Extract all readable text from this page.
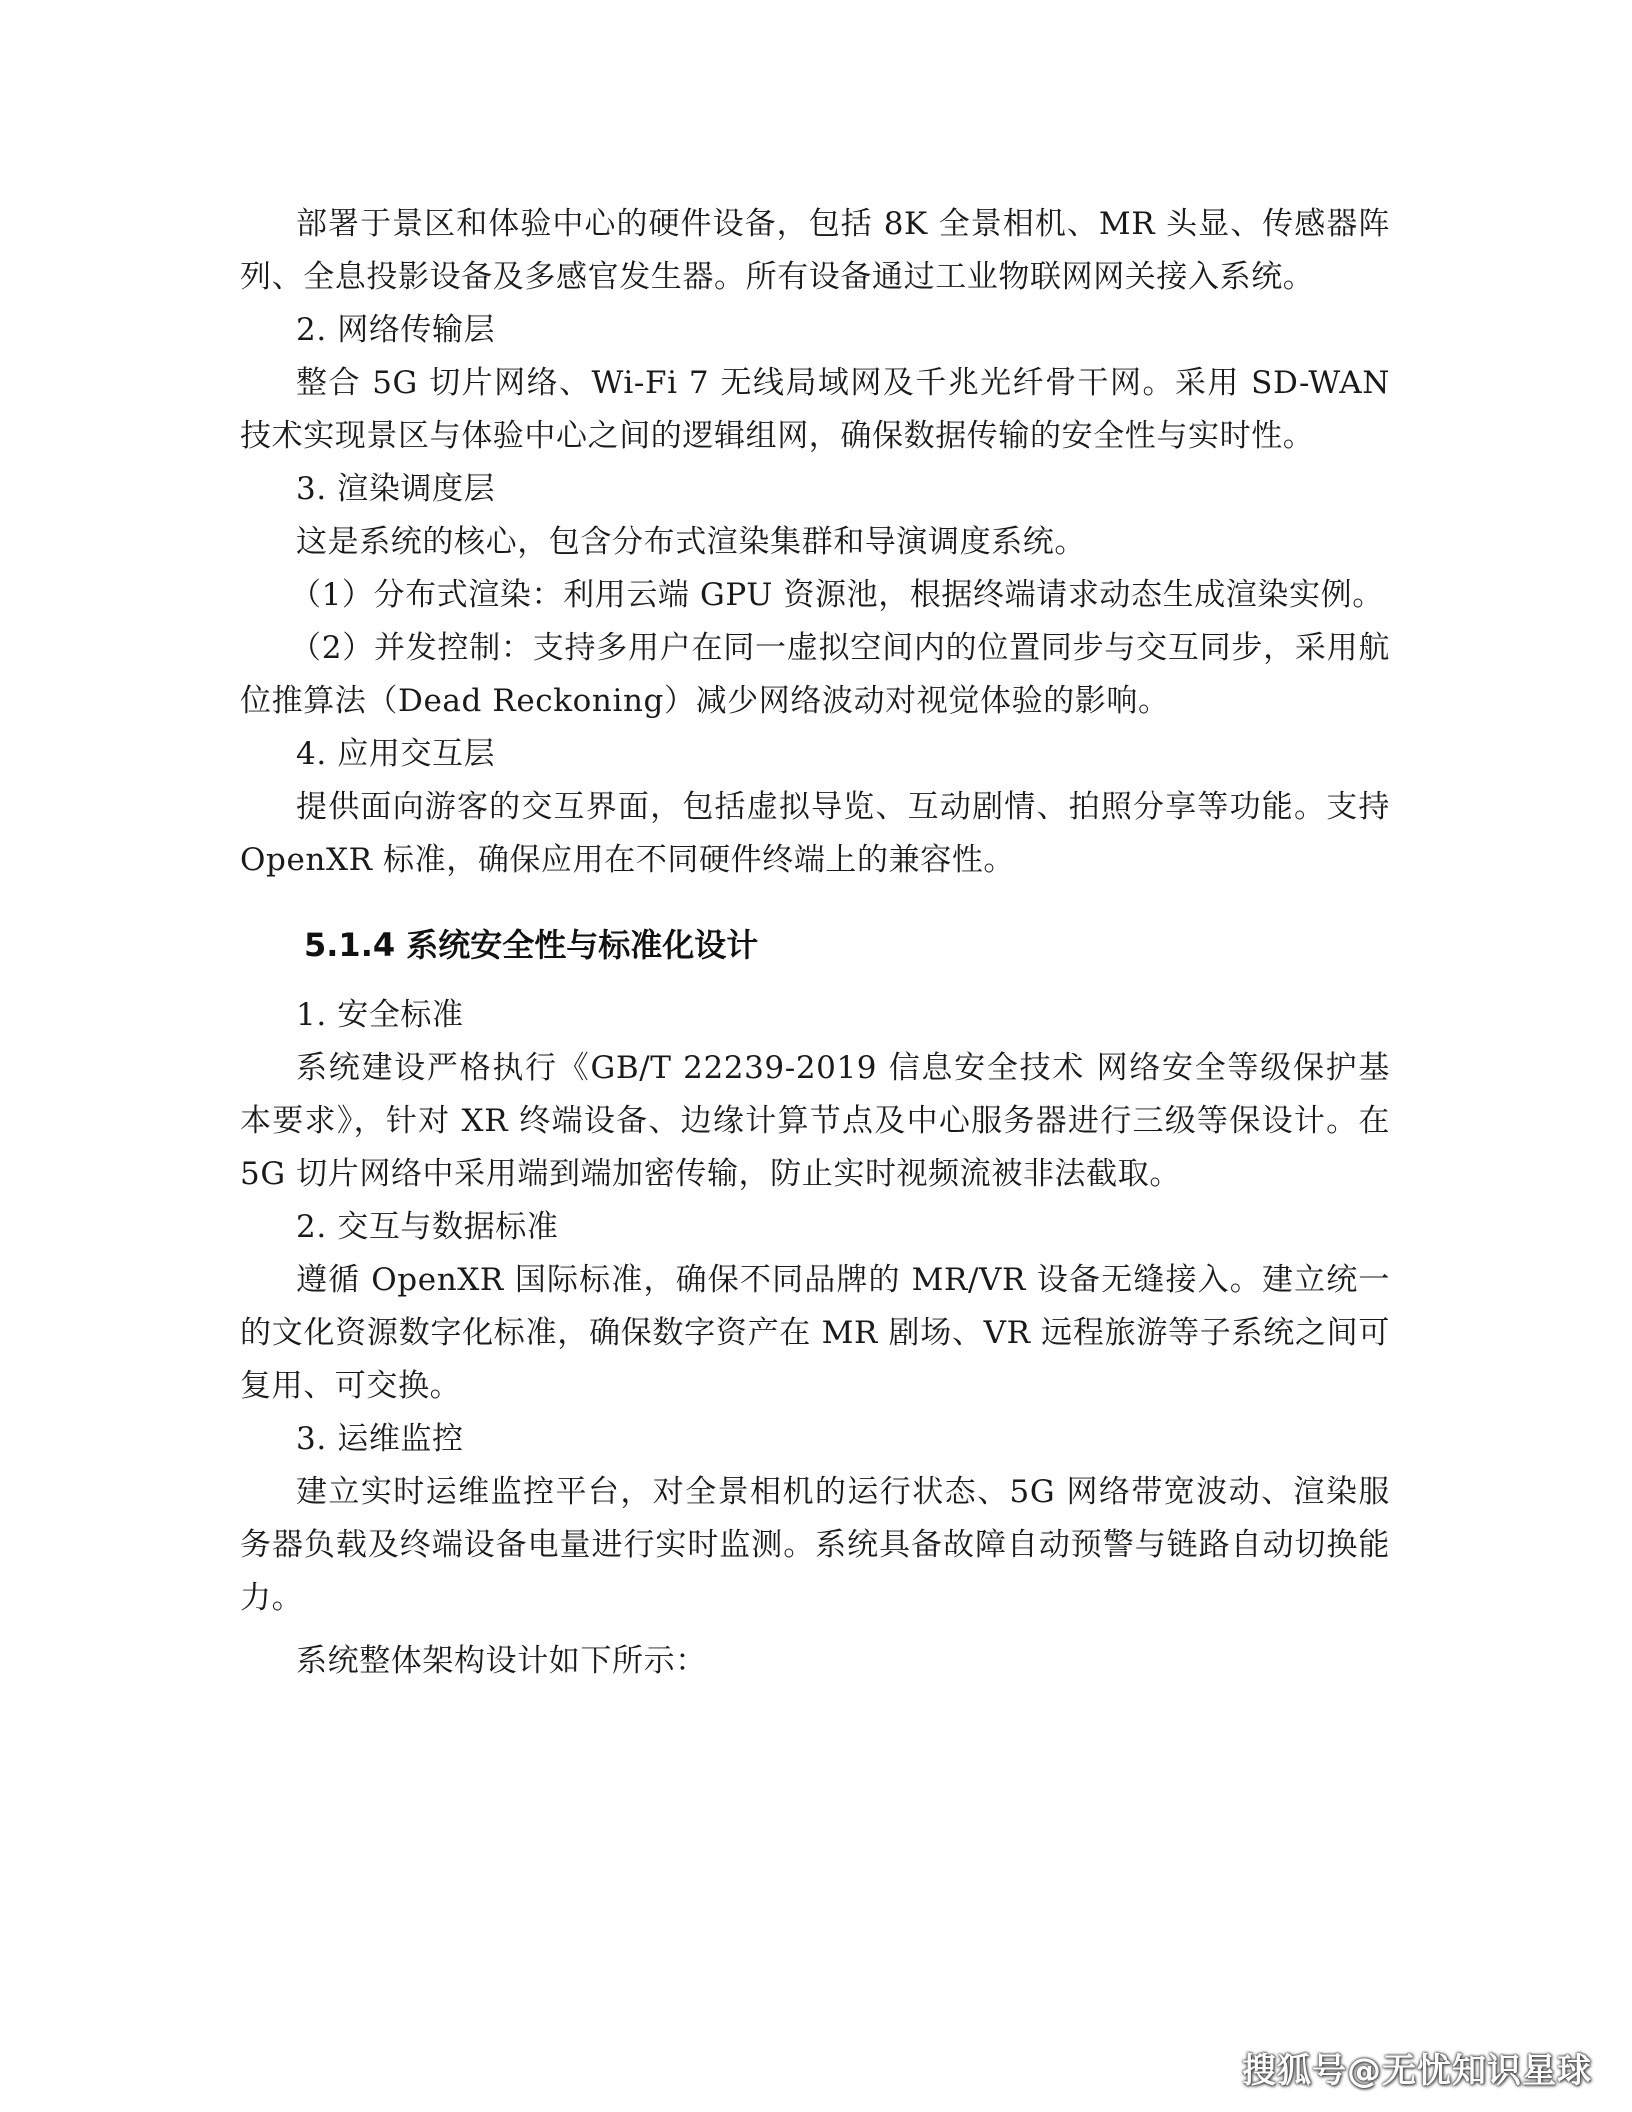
部署于景区和体验中心的硬件设备，包括 8K 全景相机、MR 头显、传感器阵列、全息投影设备及多感官发生器。所有设备通过工业物联网网关接入系统。

2. 网络传输层

整合 5G 切片网络、Wi-Fi 7 无线局域网及千兆光纤骨干网。采用 SD-WAN 技术实现景区与体验中心之间的逻辑组网，确保数据传输的安全性与实时性。

3. 渲染调度层

这是系统的核心，包含分布式渲染集群和导演调度系统。

（1）分布式渲染：利用云端 GPU 资源池，根据终端请求动态生成渲染实例。

（2）并发控制：支持多用户在同一虚拟空间内的位置同步与交互同步，采用航位推算法（Dead Reckoning）减少网络波动对视觉体验的影响。

4. 应用交互层

提供面向游客的交互界面，包括虚拟导览、互动剧情、拍照分享等功能。支持 OpenXR 标准，确保应用在不同硬件终端上的兼容性。

5.1.4 系统安全性与标准化设计

1. 安全标准

系统建设严格执行《GB/T 22239-2019 信息安全技术 网络安全等级保护基本要求》，针对 XR 终端设备、边缘计算节点及中心服务器进行三级等保设计。在 5G 切片网络中采用端到端加密传输，防止实时视频流被非法截取。

2. 交互与数据标准

遵循 OpenXR 国际标准，确保不同品牌的 MR/VR 设备无缝接入。建立统一的文化资源数字化标准，确保数字资产在 MR 剧场、VR 远程旅游等子系统之间可复用、可交换。

3. 运维监控

建立实时运维监控平台，对全景相机的运行状态、5G 网络带宽波动、渲染服务器负载及终端设备电量进行实时监测。系统具备故障自动预警与链路自动切换能力。

系统整体架构设计如下所示：

搜狐号@无忧知识星球
